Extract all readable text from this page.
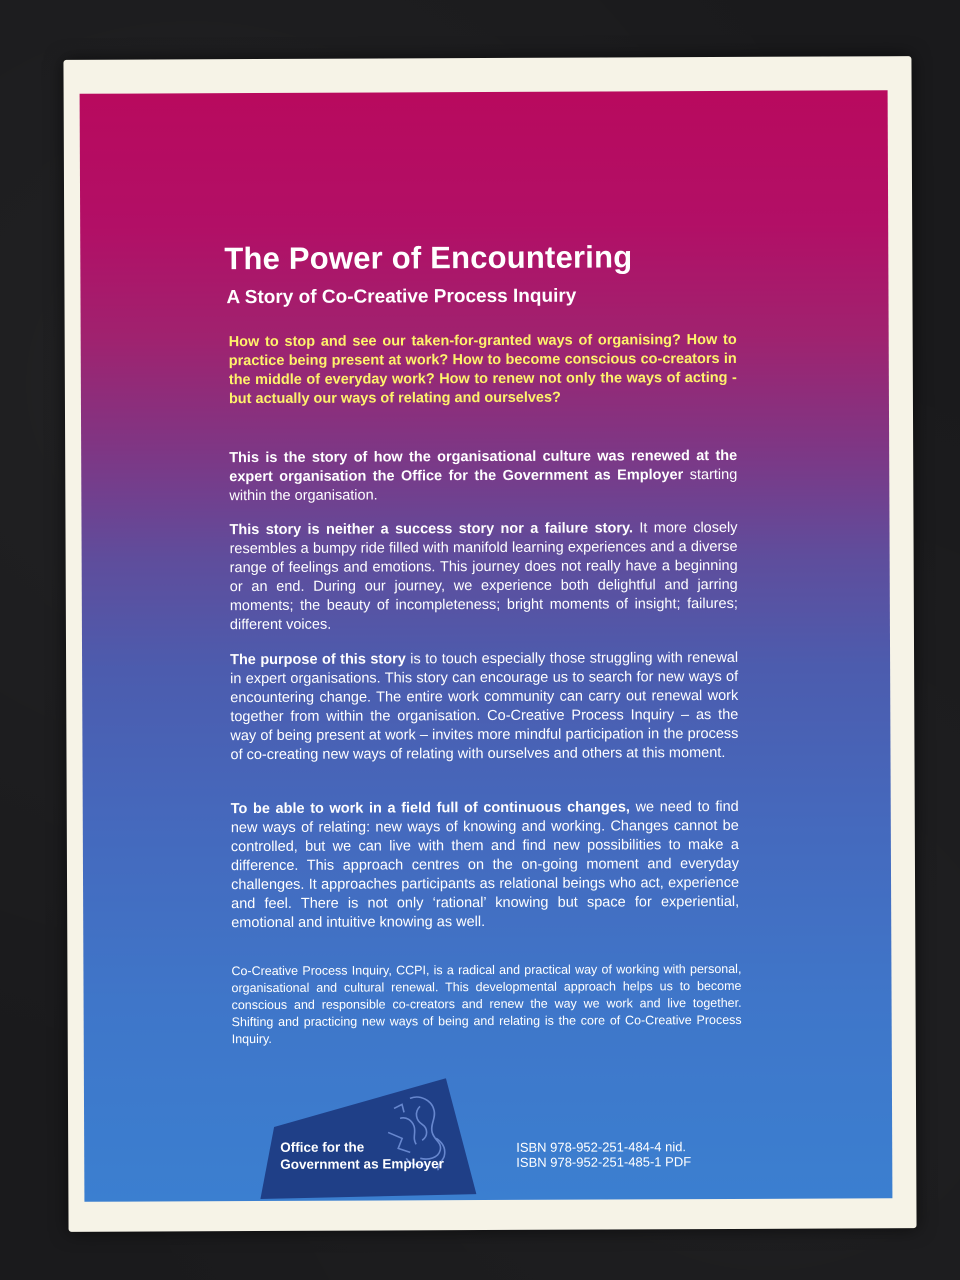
The Power of Encountering
A Story of Co-Creative Process Inquiry
How to stop and see our taken-for-granted ways of organising? How to practice being present at work? How to become conscious co-creators in the middle of everyday work? How to renew not only the ways of acting - but actually our ways of relating and ourselves?
This is the story of how the organisational culture was renewed at the expert organisation the Office for the Government as Employer starting within the organisation.
This story is neither a success story nor a failure story. It more closely resembles a bumpy ride filled with manifold learning experiences and a diverse range of feelings and emotions. This journey does not really have a beginning or an end. During our journey, we experience both delightful and jarring moments; the beauty of incompleteness; bright moments of insight; failures; different voices.
The purpose of this story is to touch especially those struggling with renewal in expert organisations. This story can encourage us to search for new ways of encountering change. The entire work community can carry out renewal work together from within the organisation. Co-Creative Process Inquiry – as the way of being present at work – invites more mindful participation in the process of co-creating new ways of relating with ourselves and others at this moment.
To be able to work in a field full of continuous changes, we need to find new ways of relating: new ways of knowing and working. Changes cannot be controlled, but we can live with them and find new possibilities to make a difference. This approach centres on the on-going moment and everyday challenges. It approaches participants as relational beings who act, experience and feel. There is not only ‘rational’ knowing but space for experiential, emotional and intuitive knowing as well.
Co-Creative Process Inquiry, CCPI, is a radical and practical way of working with personal, organisational and cultural renewal. This developmental approach helps us to become conscious and responsible co-creators and renew the way we work and live together. Shifting and practicing new ways of being and relating is the core of Co-Creative Process Inquiry.
Office for the
Government as Employer
ISBN 978-952-251-484-4 nid.
ISBN 978-952-251-485-1 PDF
